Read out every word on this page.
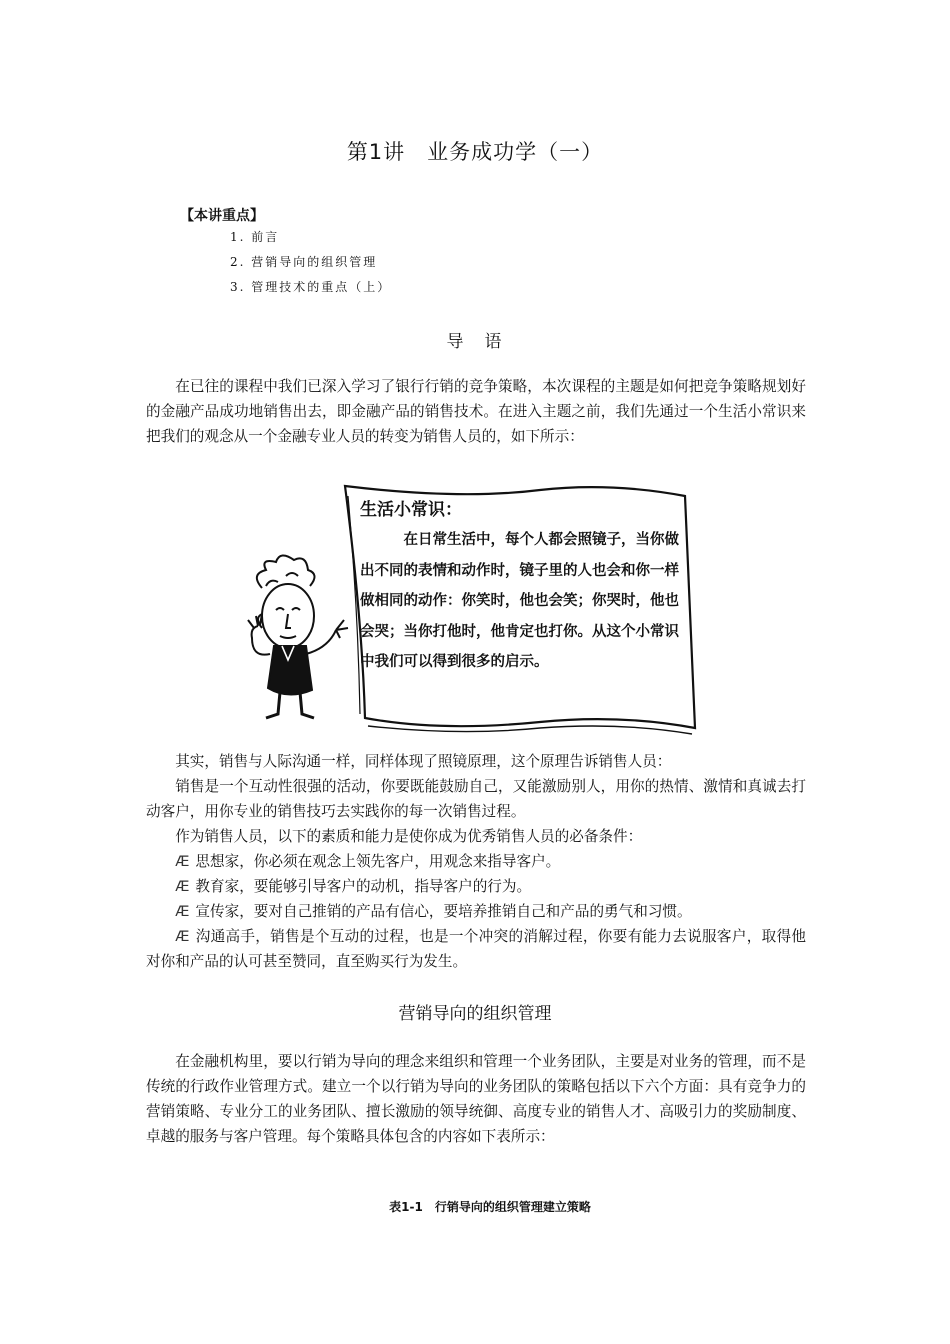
第1讲　业务成功学（一）
【本讲重点】
1. 前言
2. 营销导向的组织管理
3. 管理技术的重点（上）
导　语

在已往的课程中我们已深入学习了银行行销的竞争策略，本次课程的主题是如何把竞争策略规划好的金融产品成功地销售出去，即金融产品的销售技术。在进入主题之前，我们先通过一个生活小常识来把我们的观念从一个金融专业人员的转变为销售人员的，如下所示：

生活小常识：
在日常生活中，每个人都会照镜子，当你做出不同的表情和动作时，镜子里的人也会和你一样做相同的动作：你笑时，他也会笑；你哭时，他也会哭；当你打他时，他肯定也打你。从这个小常识中我们可以得到很多的启示。

其实，销售与人际沟通一样，同样体现了照镜原理，这个原理告诉销售人员：

销售是一个互动性很强的活动，你要既能鼓励自己，又能激励别人，用你的热情、激情和真诚去打动客户，用你专业的销售技巧去实践你的每一次销售过程。

作为销售人员，以下的素质和能力是使你成为优秀销售人员的必备条件：

Æ 思想家，你必须在观念上领先客户，用观念来指导客户。

Æ 教育家，要能够引导客户的动机，指导客户的行为。

Æ 宣传家，要对自己推销的产品有信心，要培养推销自己和产品的勇气和习惯。

Æ 沟通高手，销售是个互动的过程，也是一个冲突的消解过程，你要有能力去说服客户，取得他对你和产品的认可甚至赞同，直至购买行为发生。

营销导向的组织管理

在金融机构里，要以行销为导向的理念来组织和管理一个业务团队，主要是对业务的管理，而不是传统的行政作业管理方式。建立一个以行销为导向的业务团队的策略包括以下六个方面：具有竞争力的营销策略、专业分工的业务团队、擅长激励的领导统御、高度专业的销售人才、高吸引力的奖励制度、卓越的服务与客户管理。每个策略具体包含的内容如下表所示：

表1-1　行销导向的组织管理建立策略
